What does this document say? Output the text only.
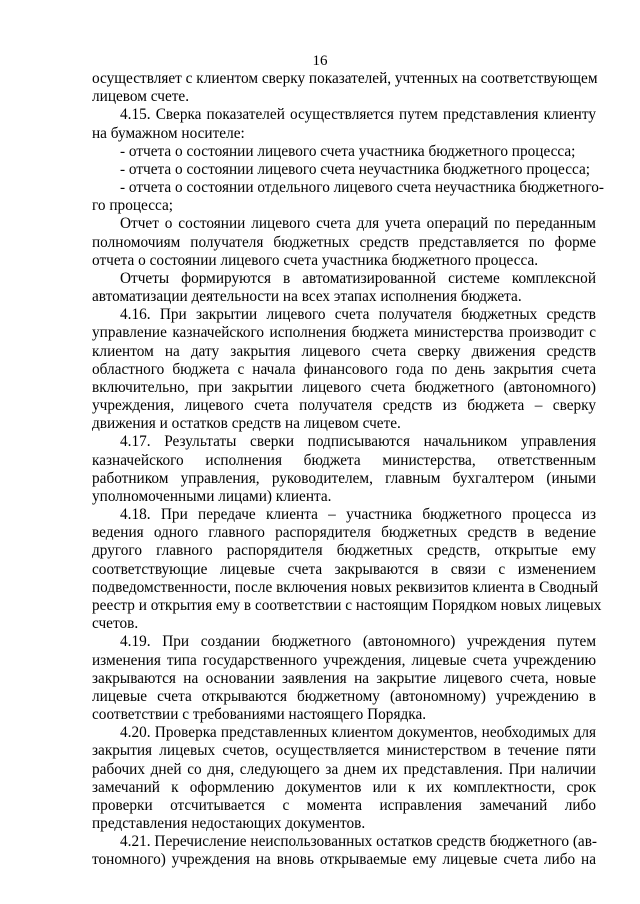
16
осуществляет с клиентом сверку показателей, учтенных на соответствующем
лицевом счете.
4.15. Сверка показателей осуществляется путем представления клиенту
на бумажном носителе:
- отчета о состоянии лицевого счета участника бюджетного процесса;
- отчета о состоянии лицевого счета неучастника бюджетного процесса;
- отчета о состоянии отдельного лицевого счета неучастника бюджетного-
го процесса;
Отчет о состоянии лицевого счета для учета операций по переданным
полномочиям получателя бюджетных средств представляется по форме
отчета о состоянии лицевого счета участника бюджетного процесса.
Отчеты формируются в автоматизированной системе комплексной
автоматизации деятельности на всех этапах исполнения бюджета.
4.16. При закрытии лицевого счета получателя бюджетных средств
управление казначейского исполнения бюджета министерства производит с
клиентом на дату закрытия лицевого счета сверку движения средств
областного бюджета с начала финансового года по день закрытия счета
включительно, при закрытии лицевого счета бюджетного (автономного)
учреждения, лицевого счета получателя средств из бюджета – сверку
движения и остатков средств на лицевом счете.
4.17. Результаты сверки подписываются начальником управления
казначейского исполнения бюджета министерства, ответственным
работником управления, руководителем, главным бухгалтером (иными
уполномоченными лицами) клиента.
4.18. При передаче клиента – участника бюджетного процесса из
ведения одного главного распорядителя бюджетных средств в ведение
другого главного распорядителя бюджетных средств, открытые ему
соответствующие лицевые счета закрываются в связи с изменением
подведомственности, после включения новых реквизитов клиента в Сводный
реестр и открытия ему в соответствии с настоящим Порядком новых лицевых
счетов.
4.19. При создании бюджетного (автономного) учреждения путем
изменения типа государственного учреждения, лицевые счета учреждению
закрываются на основании заявления на закрытие лицевого счета, новые
лицевые счета открываются бюджетному (автономному) учреждению в
соответствии с требованиями настоящего Порядка.
4.20. Проверка представленных клиентом документов, необходимых для
закрытия лицевых счетов, осуществляется министерством в течение пяти
рабочих дней со дня, следующего за днем их представления. При наличии
замечаний к оформлению документов или к их комплектности, срок
проверки отсчитывается с момента исправления замечаний либо
представления недостающих документов.
4.21. Перечисление неиспользованных остатков средств бюджетного (ав-
тономного) учреждения на вновь открываемые ему лицевые счета либо на
